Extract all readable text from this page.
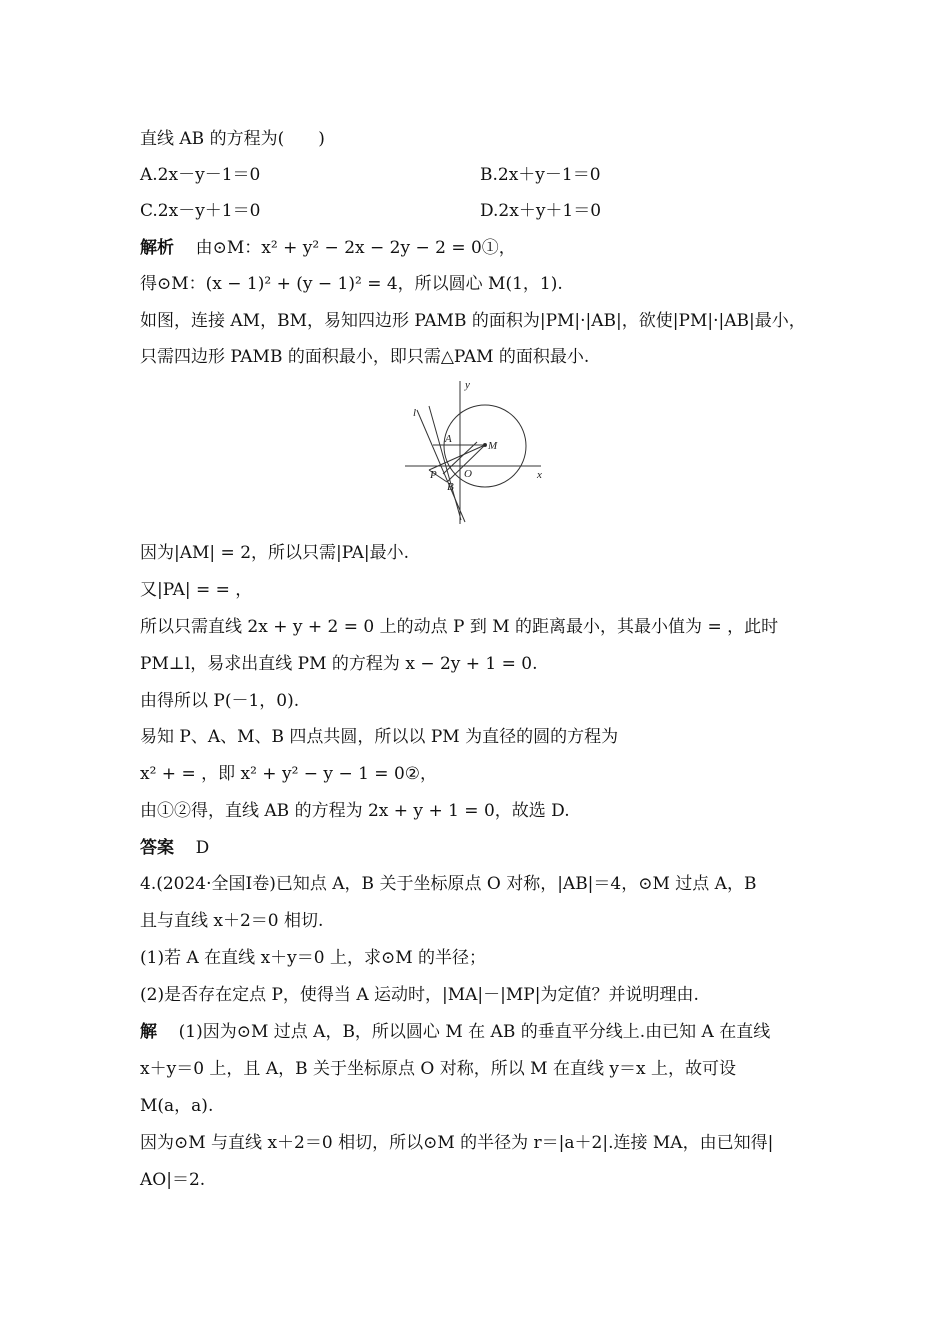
直线 AB 的方程为(　　)
A.2x－y－1＝0	B.2x＋y－1＝0
C.2x－y＋1＝0	D.2x＋y＋1＝0
解析 由⊙M：x² + y² − 2x − 2y − 2 = 0①，
得⊙M：(x − 1)² + (y − 1)² = 4，所以圆心 M(1，1).
如图，连接 AM，BM，易知四边形 PAMB 的面积为|PM|·|AB|，欲使|PM|·|AB|最小，
只需四边形 PAMB 的面积最小，即只需△PAM 的面积最小.
y
x
l
A
M
P O
B
因为|AM| = 2，所以只需|PA|最小.
又|PA| = = ，
所以只需直线 2x + y + 2 = 0 上的动点 P 到 M 的距离最小，其最小值为 = ，此时
PM⊥l，易求出直线 PM 的方程为 x − 2y + 1 = 0.
由得所以 P(－1，0).
易知 P、A、M、B 四点共圆，所以以 PM 为直径的圆的方程为
x² + = ，即 x² + y² − y − 1 = 0②，
由①②得，直线 AB 的方程为 2x + y + 1 = 0，故选 D.
答案 D
4.(2024·全国Ⅰ卷)已知点 A，B 关于坐标原点 O 对称，|AB|＝4，⊙M 过点 A，B
且与直线 x＋2＝0 相切.
(1)若 A 在直线 x＋y＝0 上，求⊙M 的半径；
(2)是否存在定点 P，使得当 A 运动时，|MA|－|MP|为定值？并说明理由.
解 (1)因为⊙M 过点 A，B，所以圆心 M 在 AB 的垂直平分线上.由已知 A 在直线
x＋y＝0 上，且 A，B 关于坐标原点 O 对称，所以 M 在直线 y＝x 上，故可设
M(a，a).
因为⊙M 与直线 x＋2＝0 相切，所以⊙M 的半径为 r＝|a＋2|.连接 MA，由已知得|
AO|＝2.
